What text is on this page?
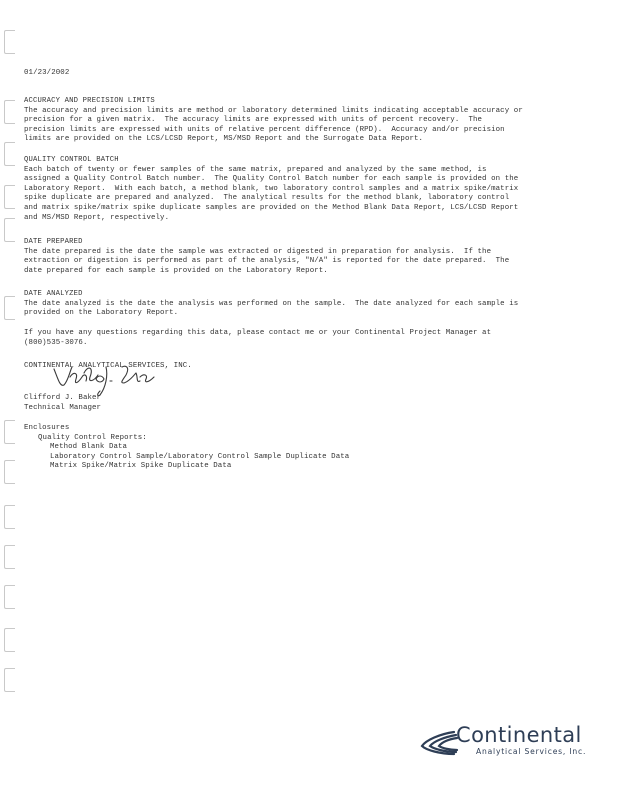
01/23/2002
ACCURACY AND PRECISION LIMITS
The accuracy and precision limits are method or laboratory determined limits indicating acceptable accuracy or
precision for a given matrix.  The accuracy limits are expressed with units of percent recovery.  The
precision limits are expressed with units of relative percent difference (RPD).  Accuracy and/or precision
limits are provided on the LCS/LCSD Report, MS/MSD Report and the Surrogate Data Report.
QUALITY CONTROL BATCH
Each batch of twenty or fewer samples of the same matrix, prepared and analyzed by the same method, is
assigned a Quality Control Batch number.  The Quality Control Batch number for each sample is provided on the
Laboratory Report.  With each batch, a method blank, two laboratory control samples and a matrix spike/matrix
spike duplicate are prepared and analyzed.  The analytical results for the method blank, laboratory control
and matrix spike/matrix spike duplicate samples are provided on the Method Blank Data Report, LCS/LCSD Report
and MS/MSD Report, respectively.
DATE PREPARED
The date prepared is the date the sample was extracted or digested in preparation for analysis.  If the
extraction or digestion is performed as part of the analysis, "N/A" is reported for the date prepared.  The
date prepared for each sample is provided on the Laboratory Report.
DATE ANALYZED
The date analyzed is the date the analysis was performed on the sample.  The date analyzed for each sample is
provided on the Laboratory Report.
If you have any questions regarding this data, please contact me or your Continental Project Manager at
(800)535-3076.
CONTINENTAL ANALYTICAL SERVICES, INC.
Clifford J. Baker
Technical Manager
Enclosures
Quality Control Reports:
Method Blank Data
Laboratory Control Sample/Laboratory Control Sample Duplicate Data
Matrix Spike/Matrix Spike Duplicate Data
Continental
Analytical Services, Inc.
